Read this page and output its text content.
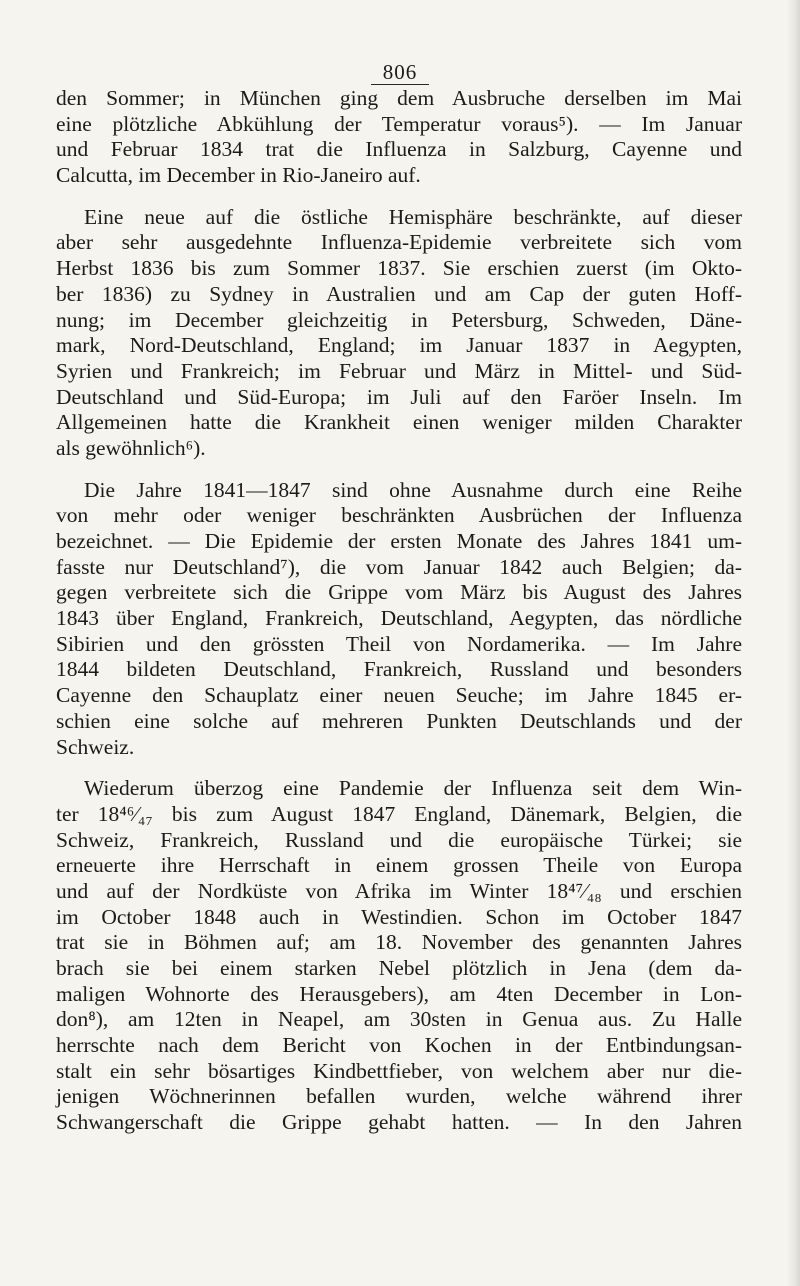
806
den Sommer; in München ging dem Ausbruche derselben im Mai
eine plötzliche Abkühlung der Temperatur voraus⁵). — Im Januar
und Februar 1834 trat die Influenza in Salzburg, Cayenne und
Calcutta, im December in Rio-Janeiro auf.
Eine neue auf die östliche Hemisphäre beschränkte, auf dieser
aber sehr ausgedehnte Influenza-Epidemie verbreitete sich vom
Herbst 1836 bis zum Sommer 1837. Sie erschien zuerst (im Okto-
ber 1836) zu Sydney in Australien und am Cap der guten Hoff-
nung; im December gleichzeitig in Petersburg, Schweden, Däne-
mark, Nord-Deutschland, England; im Januar 1837 in Aegypten,
Syrien und Frankreich; im Februar und März in Mittel- und Süd-
Deutschland und Süd-Europa; im Juli auf den Faröer Inseln. Im
Allgemeinen hatte die Krankheit einen weniger milden Charakter
als gewöhnlich⁶).
Die Jahre 1841—1847 sind ohne Ausnahme durch eine Reihe
von mehr oder weniger beschränkten Ausbrüchen der Influenza
bezeichnet. — Die Epidemie der ersten Monate des Jahres 1841 um-
fasste nur Deutschland⁷), die vom Januar 1842 auch Belgien; da-
gegen verbreitete sich die Grippe vom März bis August des Jahres
1843 über England, Frankreich, Deutschland, Aegypten, das nördliche
Sibirien und den grössten Theil von Nordamerika. — Im Jahre
1844 bildeten Deutschland, Frankreich, Russland und besonders
Cayenne den Schauplatz einer neuen Seuche; im Jahre 1845 er-
schien eine solche auf mehreren Punkten Deutschlands und der
Schweiz.
Wiederum überzog eine Pandemie der Influenza seit dem Win-
ter 18⁴⁶⁄₄₇ bis zum August 1847 England, Dänemark, Belgien, die
Schweiz, Frankreich, Russland und die europäische Türkei; sie
erneuerte ihre Herrschaft in einem grossen Theile von Europa
und auf der Nordküste von Afrika im Winter 18⁴⁷⁄₄₈ und erschien
im October 1848 auch in Westindien. Schon im October 1847
trat sie in Böhmen auf; am 18. November des genannten Jahres
brach sie bei einem starken Nebel plötzlich in Jena (dem da-
maligen Wohnorte des Herausgebers), am 4ten December in Lon-
don⁸), am 12ten in Neapel, am 30sten in Genua aus. Zu Halle
herrschte nach dem Bericht von Kochen in der Entbindungsan-
stalt ein sehr bösartiges Kindbettfieber, von welchem aber nur die-
jenigen Wöchnerinnen befallen wurden, welche während ihrer
Schwangerschaft die Grippe gehabt hatten. — In den Jahren
